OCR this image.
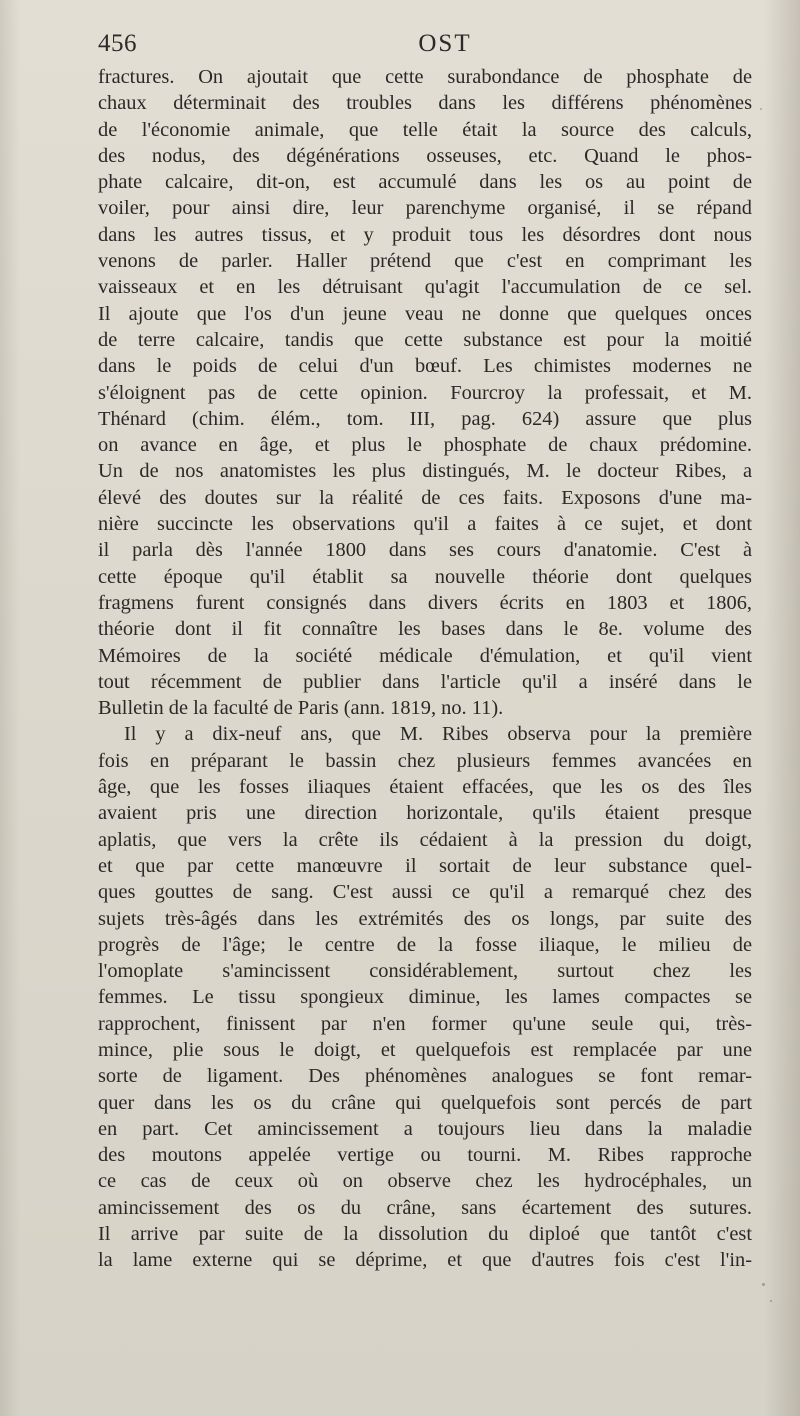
456	OST
fractures. On ajoutait que cette surabondance de phosphate de
chaux déterminait des troubles dans les différens phénomènes
de l'économie animale, que telle était la source des calculs,
des nodus, des dégénérations osseuses, etc. Quand le phos-
phate calcaire, dit-on, est accumulé dans les os au point de
voiler, pour ainsi dire, leur parenchyme organisé, il se répand
dans les autres tissus, et y produit tous les désordres dont nous
venons de parler. Haller prétend que c'est en comprimant les
vaisseaux et en les détruisant qu'agit l'accumulation de ce sel.
Il ajoute que l'os d'un jeune veau ne donne que quelques onces
de terre calcaire, tandis que cette substance est pour la moitié
dans le poids de celui d'un bœuf. Les chimistes modernes ne
s'éloignent pas de cette opinion. Fourcroy la professait, et M.
Thénard (chim. élém., tom. III, pag. 624) assure que plus
on avance en âge, et plus le phosphate de chaux prédomine.
Un de nos anatomistes les plus distingués, M. le docteur Ribes, a
élevé des doutes sur la réalité de ces faits. Exposons d'une ma-
nière succincte les observations qu'il a faites à ce sujet, et dont
il parla dès l'année 1800 dans ses cours d'anatomie. C'est à
cette époque qu'il établit sa nouvelle théorie dont quelques
fragmens furent consignés dans divers écrits en 1803 et 1806,
théorie dont il fit connaître les bases dans le 8e. volume des
Mémoires de la société médicale d'émulation, et qu'il vient
tout récemment de publier dans l'article qu'il a inséré dans le
Bulletin de la faculté de Paris (ann. 1819, no. 11).
Il y a dix-neuf ans, que M. Ribes observa pour la première
fois en préparant le bassin chez plusieurs femmes avancées en
âge, que les fosses iliaques étaient effacées, que les os des îles
avaient pris une direction horizontale, qu'ils étaient presque
aplatis, que vers la crête ils cédaient à la pression du doigt,
et que par cette manœuvre il sortait de leur substance quel-
ques gouttes de sang. C'est aussi ce qu'il a remarqué chez des
sujets très-âgés dans les extrémités des os longs, par suite des
progrès de l'âge; le centre de la fosse iliaque, le milieu de
l'omoplate s'amincissent considérablement, surtout chez les
femmes. Le tissu spongieux diminue, les lames compactes se
rapprochent, finissent par n'en former qu'une seule qui, très-
mince, plie sous le doigt, et quelquefois est remplacée par une
sorte de ligament. Des phénomènes analogues se font remar-
quer dans les os du crâne qui quelquefois sont percés de part
en part. Cet amincissement a toujours lieu dans la maladie
des moutons appelée vertige ou tourni. M. Ribes rapproche
ce cas de ceux où on observe chez les hydrocéphales, un
amincissement des os du crâne, sans écartement des sutures.
Il arrive par suite de la dissolution du diploé que tantôt c'est
la lame externe qui se déprime, et que d'autres fois c'est l'in-
